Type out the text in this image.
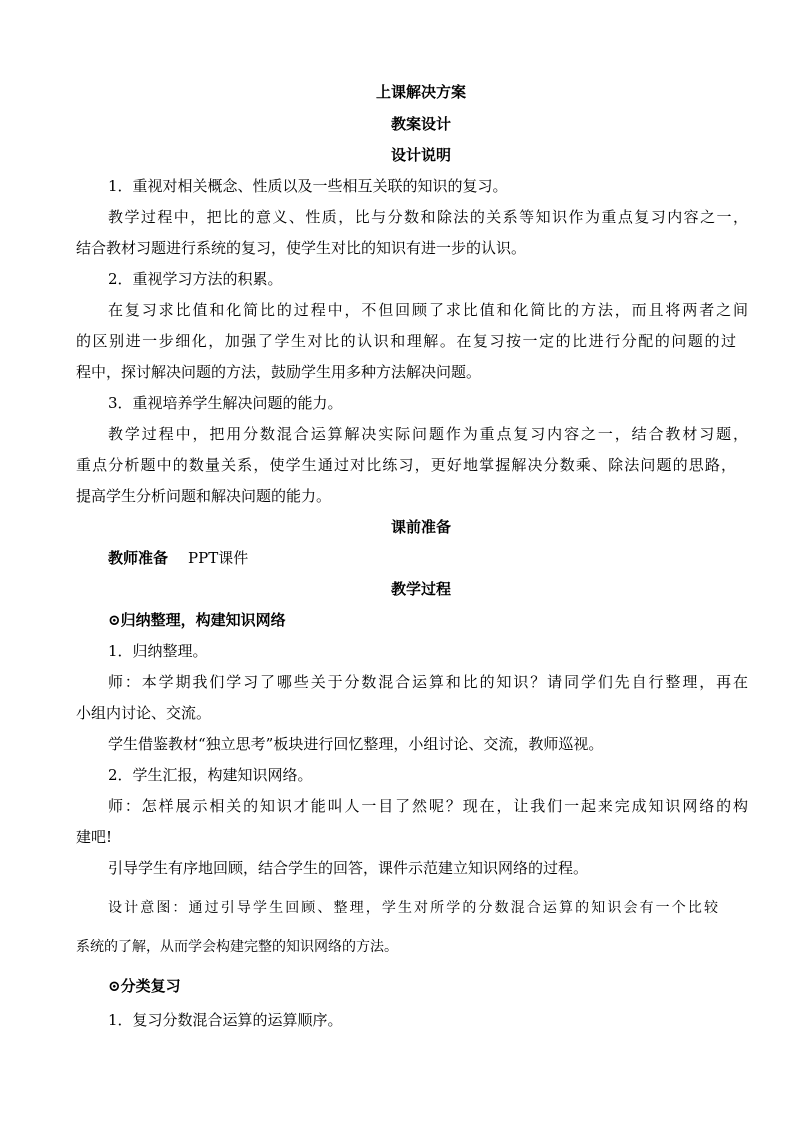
上课解决方案
教案设计
设计说明
1．重视对相关概念、性质以及一些相互关联的知识的复习。
教学过程中，把比的意义、性质，比与分数和除法的关系等知识作为重点复习内容之一，
结合教材习题进行系统的复习，使学生对比的知识有进一步的认识。
2．重视学习方法的积累。
在复习求比值和化简比的过程中，不但回顾了求比值和化简比的方法，而且将两者之间
的区别进一步细化，加强了学生对比的认识和理解。在复习按一定的比进行分配的问题的过
程中，探讨解决问题的方法，鼓励学生用多种方法解决问题。
3．重视培养学生解决问题的能力。
教学过程中，把用分数混合运算解决实际问题作为重点复习内容之一，结合教材习题，
重点分析题中的数量关系，使学生通过对比练习，更好地掌握解决分数乘、除法问题的思路，
提高学生分析问题和解决问题的能力。
课前准备
教师准备 PPT课件
教学过程
⊙归纳整理，构建知识网络
1．归纳整理。
师：本学期我们学习了哪些关于分数混合运算和比的知识？请同学们先自行整理，再在
小组内讨论、交流。
学生借鉴教材“独立思考”板块进行回忆整理，小组讨论、交流，教师巡视。
2．学生汇报，构建知识网络。
师：怎样展示相关的知识才能叫人一目了然呢？现在，让我们一起来完成知识网络的构
建吧!
引导学生有序地回顾，结合学生的回答，课件示范建立知识网络的过程。
设计意图：通过引导学生回顾、整理，学生对所学的分数混合运算的知识会有一个比较
系统的了解，从而学会构建完整的知识网络的方法。
⊙分类复习
1．复习分数混合运算的运算顺序。
